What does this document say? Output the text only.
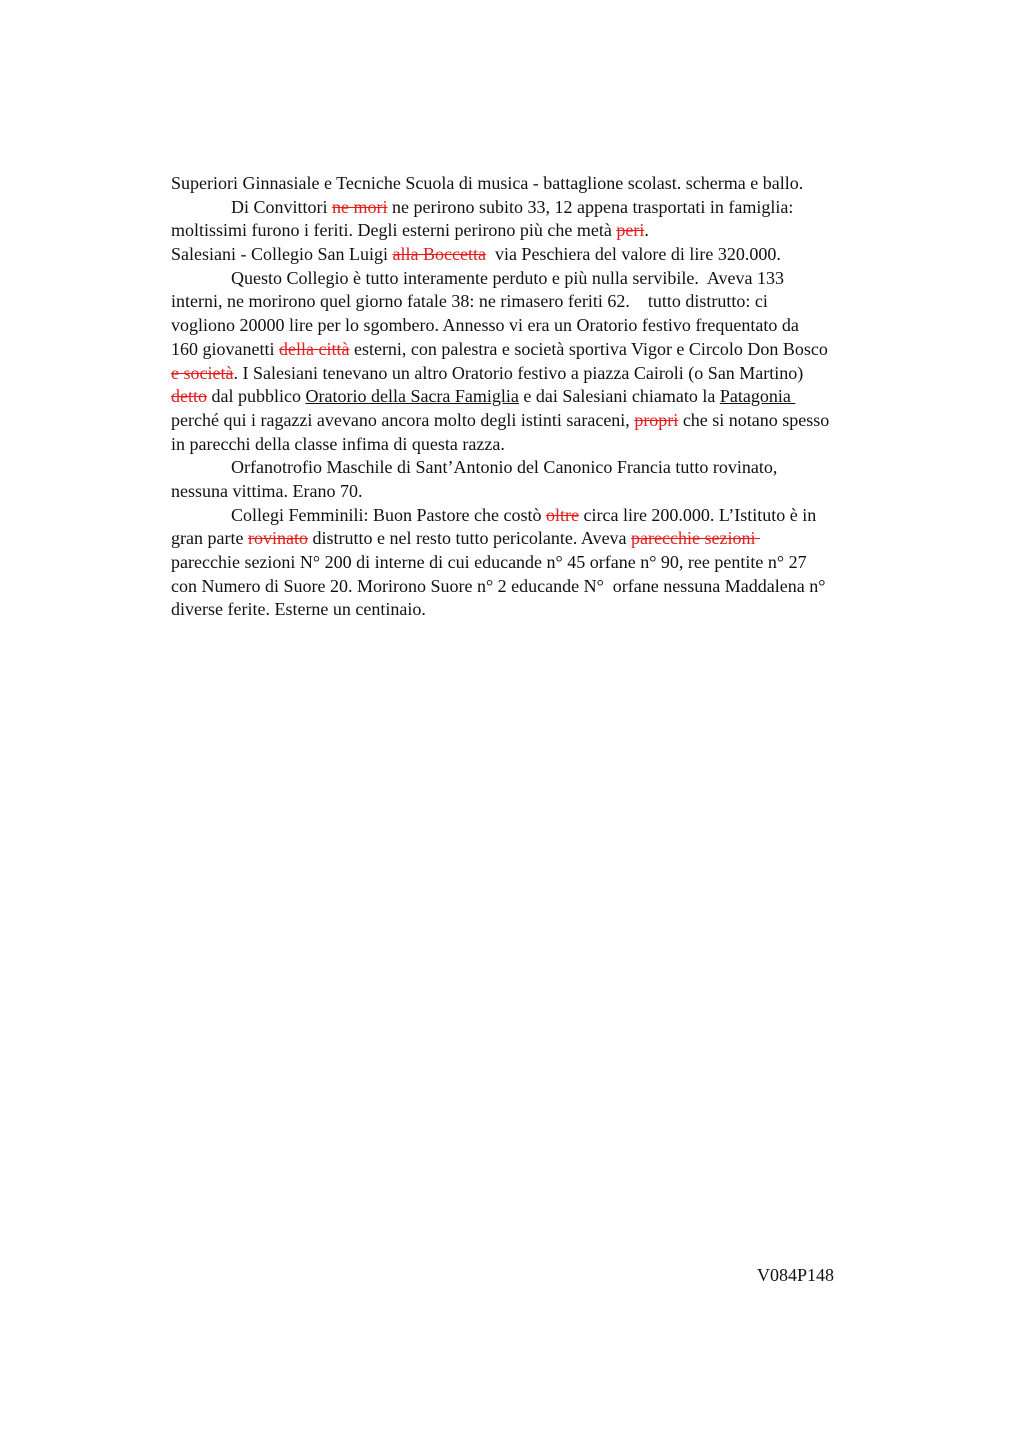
Superiori Ginnasiale e Tecniche Scuola di musica - battaglione scolast. scherma e ballo.
Di Convittori ne mori ne perirono subito 33, 12 appena trasportati in famiglia:
moltissimi furono i feriti. Degli esterni perirono più che metà peri.
Salesiani - Collegio San Luigi alla Boccetta  via Peschiera del valore di lire 320.000.
Questo Collegio è tutto interamente perduto e più nulla servibile.  Aveva 133
interni, ne morirono quel giorno fatale 38: ne rimasero feriti 62.    tutto distrutto: ci
vogliono 20000 lire per lo sgombero. Annesso vi era un Oratorio festivo frequentato da
160 giovanetti della città esterni, con palestra e società sportiva Vigor e Circolo Don Bosco
e società. I Salesiani tenevano un altro Oratorio festivo a piazza Cairoli (o San Martino)
detto dal pubblico Oratorio della Sacra Famiglia e dai Salesiani chiamato la Patagonia
perché qui i ragazzi avevano ancora molto degli istinti saraceni, propri che si notano spesso
in parecchi della classe infima di questa razza.
Orfanotrofio Maschile di Sant’Antonio del Canonico Francia tutto rovinato,
nessuna vittima. Erano 70.
Collegi Femminili: Buon Pastore che costò oltre circa lire 200.000. L’Istituto è in
gran parte rovinato distrutto e nel resto tutto pericolante. Aveva parecchie sezioni
parecchie sezioni N° 200 di interne di cui educande n° 45 orfane n° 90, ree pentite n° 27
con Numero di Suore 20. Morirono Suore n° 2 educande N°  orfane nessuna Maddalena n°
diverse ferite. Esterne un centinaio.
V084P148
